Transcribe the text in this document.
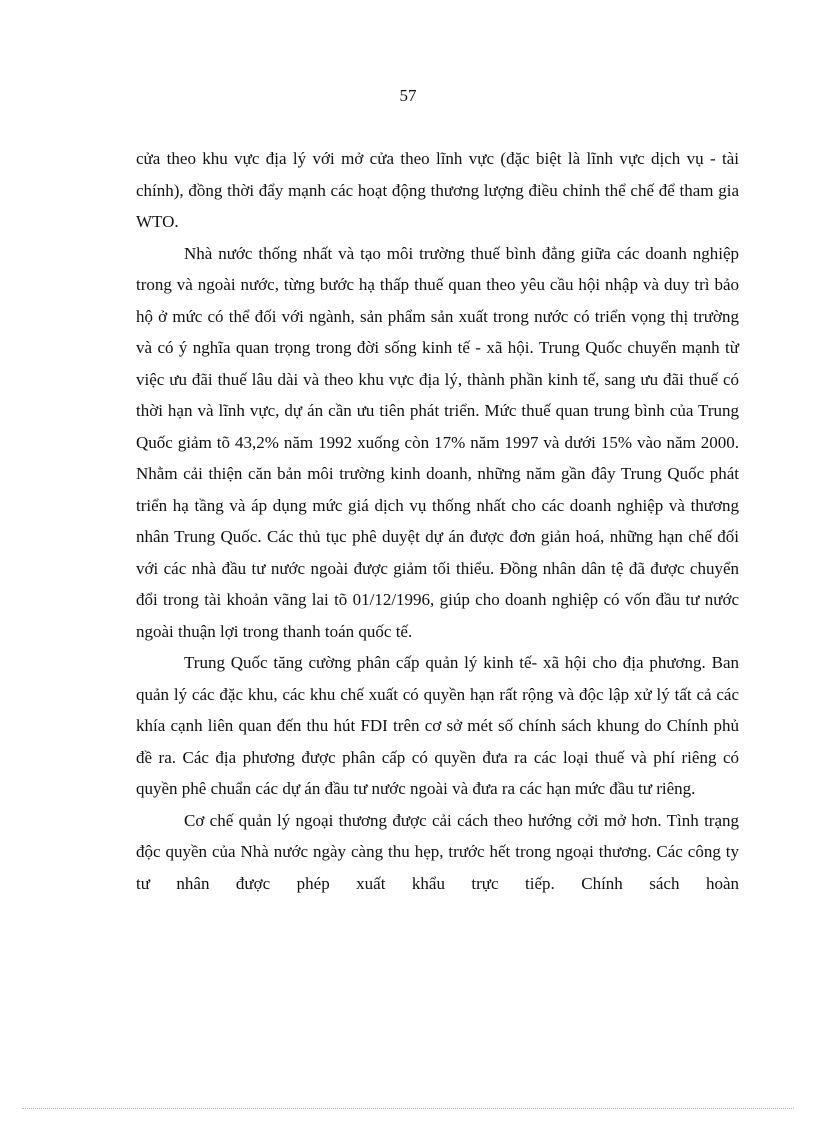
57

cửa theo khu vực địa lý với mở cửa theo lĩnh vực (đặc biệt là lĩnh vực dịch vụ - tài chính), đồng thời đẩy mạnh các hoạt động thương lượng điều chỉnh thể chế để tham gia WTO.

Nhà nước thống nhất và tạo môi trường thuế bình đẳng giữa các doanh nghiệp trong và ngoài nước, từng bước hạ thấp thuế quan theo yêu cầu hội nhập và duy trì bảo hộ ở mức có thể đối với ngành, sản phẩm sản xuất trong nước có triển vọng thị trường và có ý nghĩa quan trọng trong đời sống kinh tế - xã hội. Trung Quốc chuyển mạnh từ việc ưu đãi thuế lâu dài và theo khu vực địa lý, thành phần kinh tế, sang ưu đãi thuế có thời hạn và lĩnh vực, dự án cần ưu tiên phát triển. Mức thuế quan trung bình của Trung Quốc giảm tõ 43,2% năm 1992 xuống còn 17% năm 1997 và dưới 15% vào năm 2000. Nhằm cải thiện căn bản môi trường kinh doanh, những năm gần đây Trung Quốc phát triển hạ tầng và áp dụng mức giá dịch vụ thống nhất cho các doanh nghiệp và thương nhân Trung Quốc. Các thủ tục phê duyệt dự án được đơn giản hoá, những hạn chế đối với các nhà đầu tư nước ngoài được giảm tối thiểu. Đồng nhân dân tệ đã được chuyển đổi trong tài khoản vãng lai tõ 01/12/1996, giúp cho doanh nghiệp có vốn đầu tư nước ngoài thuận lợi trong thanh toán quốc tế.

Trung Quốc tăng cường phân cấp quản lý kinh tế- xã hội cho địa phương. Ban quản lý các đặc khu, các khu chế xuất có quyền hạn rất rộng và độc lập xử lý tất cả các khía cạnh liên quan đến thu hút FDI trên cơ sở mét số chính sách khung do Chính phủ đề ra. Các địa phương được phân cấp có quyền đưa ra các loại thuế và phí riêng có quyền phê chuẩn các dự án đầu tư nước ngoài và đưa ra các hạn mức đầu tư riêng.

Cơ chế quản lý ngoại thương được cải cách theo hướng cởi mở hơn. Tình trạng độc quyền của Nhà nước ngày càng thu hẹp, trước hết trong ngoại thương. Các công ty tư nhân được phép xuất khẩu trực tiếp. Chính sách hoàn
